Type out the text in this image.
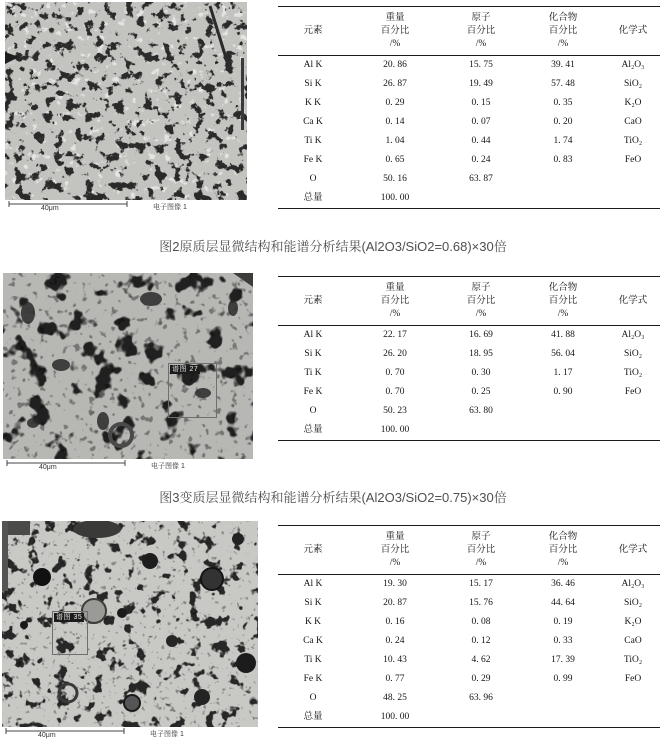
40μm	电子图像 1
元素

重量
百分比
/%

原子
百分比
/%

化合物
百分比
/%

化学式

Al K	20. 86	15. 75	39. 41	Al₂O₃
Si K	26. 87	19. 49	57. 48	SiO₂
K K	0. 29	0. 15	0. 35	K₂O
Ca K	0. 14	0. 07	0. 20	CaO
Ti K	1. 04	0. 44	1. 74	TiO₂
Fe K	0. 65	0. 24	0. 83	FeO
O	50. 16	63. 87		
总量	100. 00			
图2原质层显微结构和能谱分析结果(Al2O3/SiO2=0.68)×30倍
谱图 27
40μm	电子图像 1
元素

重量
百分比
/%

原子
百分比
/%

化合物
百分比
/%

化学式

Al K	22. 17	16. 69	41. 88	Al₂O₃
Si K	26. 20	18. 95	56. 04	SiO₂
Ti K	0. 70	0. 30	1. 17	TiO₂
Fe K	0. 70	0. 25	0. 90	FeO
O	50. 23	63. 80		
总量	100. 00			
图3变质层显微结构和能谱分析结果(Al2O3/SiO2=0.75)×30倍
谱图 35
40μm	电子图像 1
元素

重量
百分比
/%

原子
百分比
/%

化合物
百分比
/%

化学式

Al K	19. 30	15. 17	36. 46	Al₂O₃
Si K	20. 87	15. 76	44. 64	SiO₂
K K	0. 16	0. 08	0. 19	K₂O
Ca K	0. 24	0. 12	0. 33	CaO
Ti K	10. 43	4. 62	17. 39	TiO₂
Fe K	0. 77	0. 29	0. 99	FeO
O	48. 25	63. 96		
总量	100. 00			
